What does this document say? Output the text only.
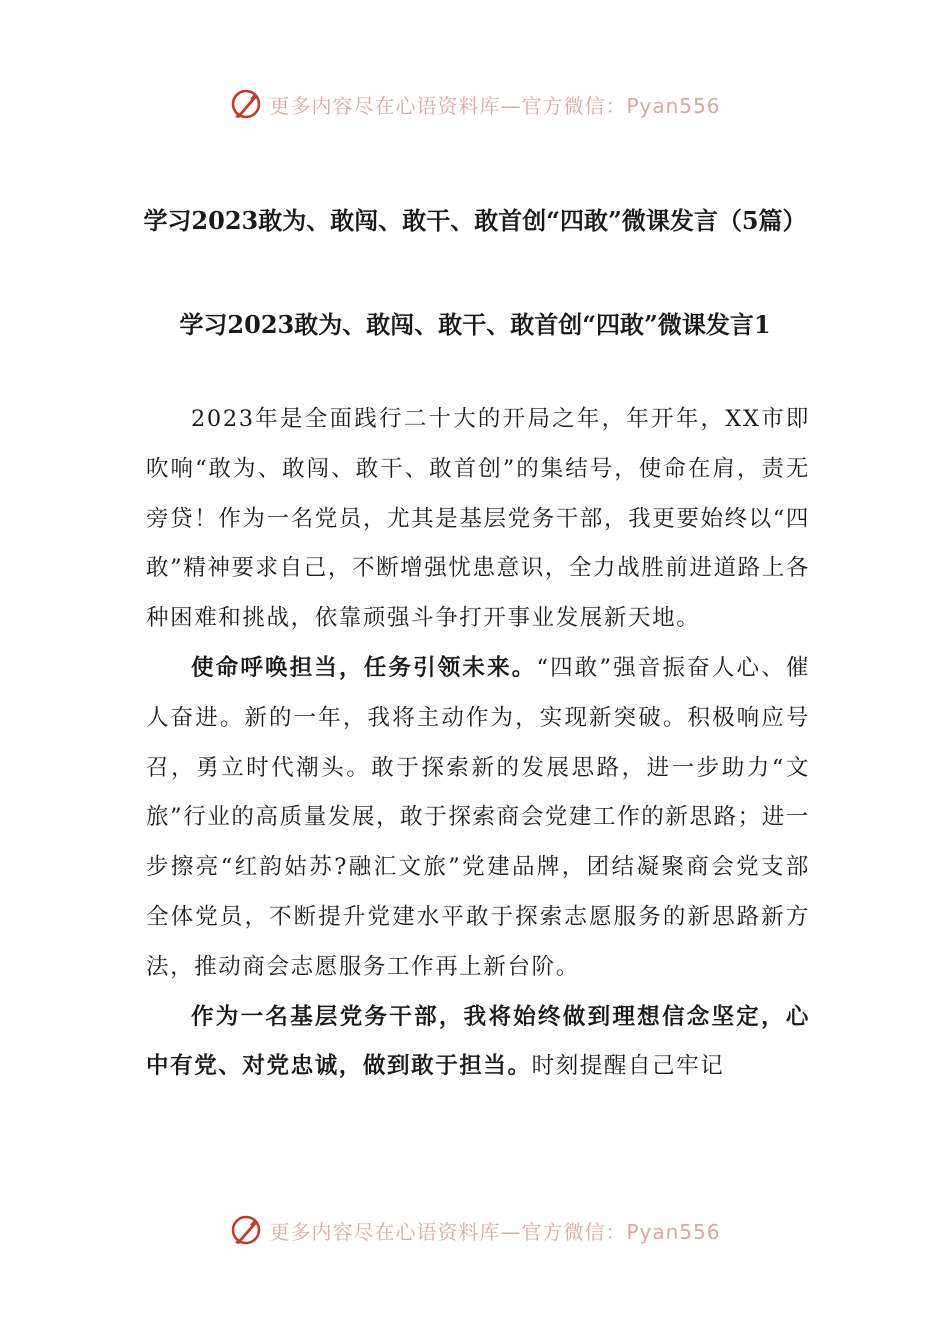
更多内容尽在心语资料库—官方微信：Pyan556
学习2023敢为、敢闯、敢干、敢首创“四敢”微课发言（5篇）
学习2023敢为、敢闯、敢干、敢首创“四敢”微课发言1

2023年是全面践行二十大的开局之年，年开年，XX市即吹响“敢为、敢闯、敢干、敢首创”的集结号，使命在肩，责无旁贷！作为一名党员，尤其是基层党务干部，我更要始终以“四敢”精神要求自己，不断增强忧患意识，全力战胜前进道路上各种困难和挑战，依靠顽强斗争打开事业发展新天地。

使命呼唤担当，任务引领未来。“四敢”强音振奋人心、催人奋进。新的一年，我将主动作为，实现新突破。积极响应号召，勇立时代潮头。敢于探索新的发展思路，进一步助力“文旅”行业的高质量发展，敢于探索商会党建工作的新思路；进一步擦亮“红韵姑苏?融汇文旅”党建品牌，团结凝聚商会党支部全体党员，不断提升党建水平敢于探索志愿服务的新思路新方法，推动商会志愿服务工作再上新台阶。

作为一名基层党务干部，我将始终做到理想信念坚定，心中有党、对党忠诚，做到敢于担当。时刻提醒自己牢记

更多内容尽在心语资料库—官方微信：Pyan556
